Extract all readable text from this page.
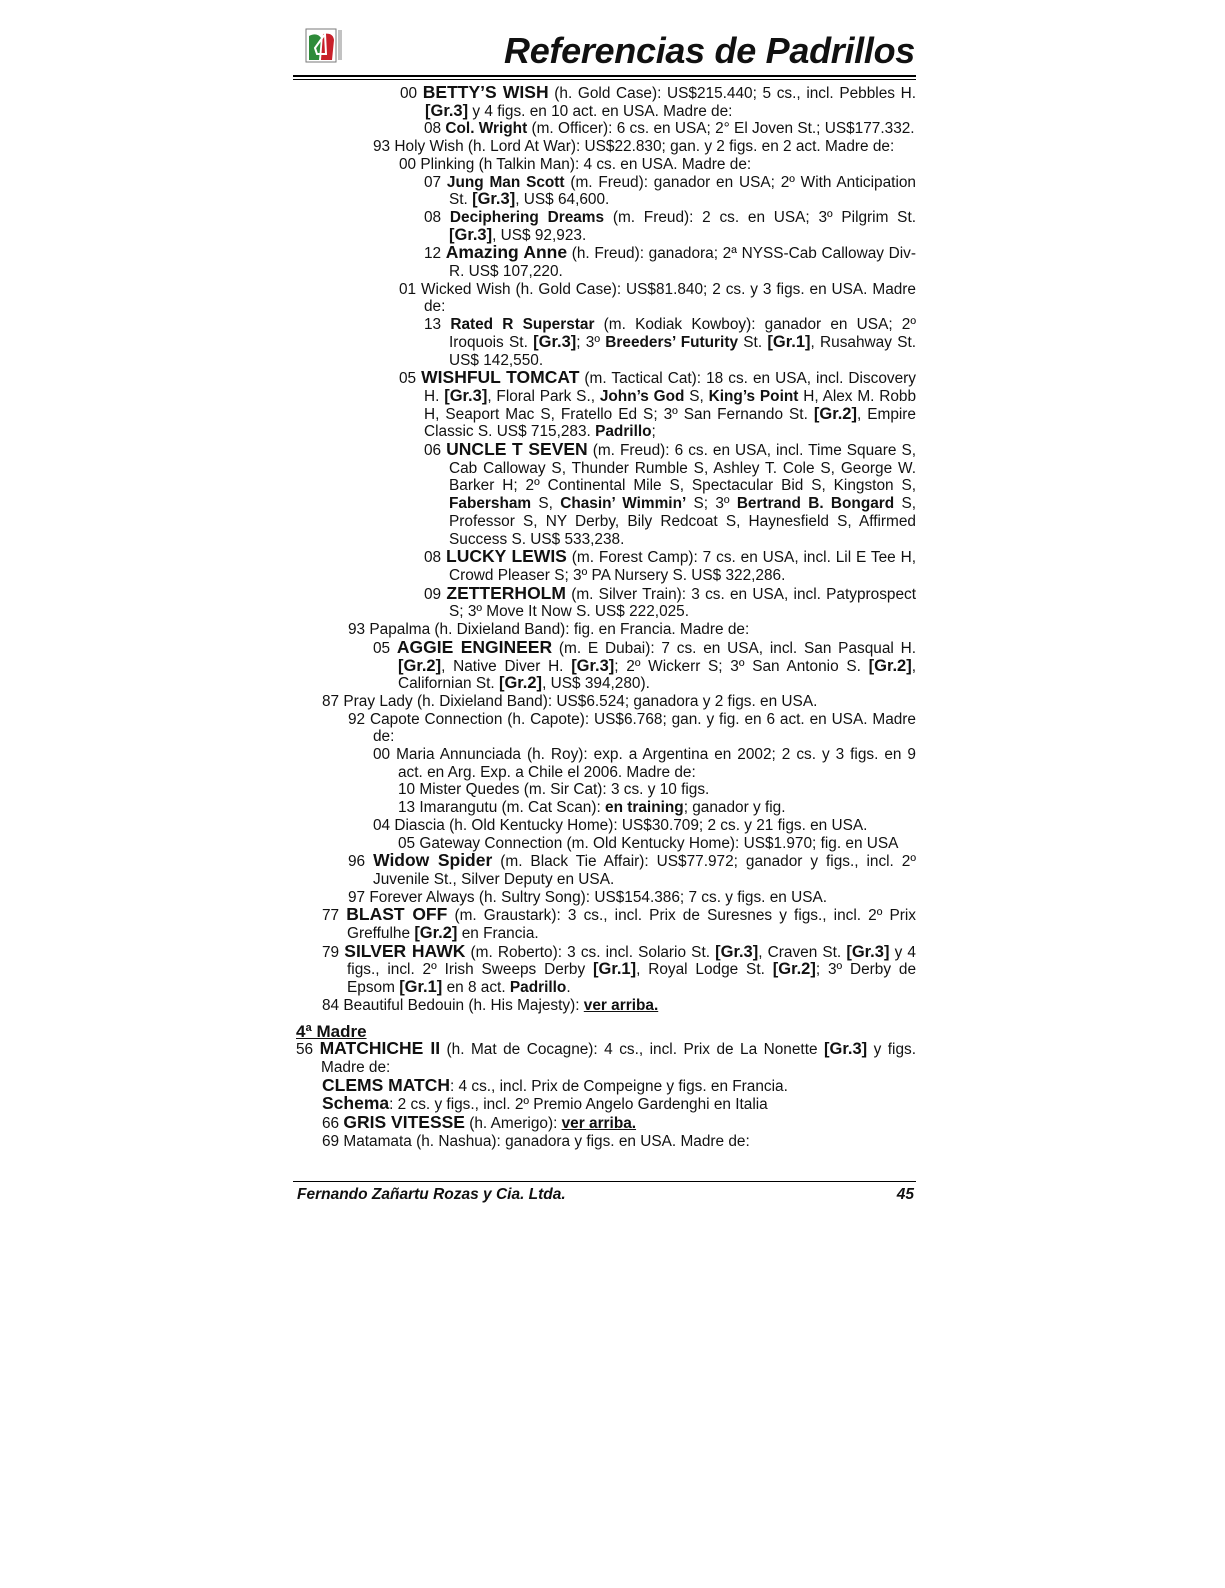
Referencias de Padrillos
00 BETTY’S WISH (h. Gold Case): US$215.440; 5 cs., incl. Pebbles H. [Gr.3] y 4 figs. en 10 act. en USA. Madre de:
08 Col. Wright (m. Officer): 6 cs. en USA; 2° El Joven St.; US$177.332.
93 Holy Wish (h. Lord At War): US$22.830; gan. y 2 figs. en 2 act. Madre de:
00 Plinking (h Talkin Man): 4 cs. en USA. Madre de:
07 Jung Man Scott (m. Freud): ganador en USA; 2º With Anticipation St. [Gr.3], US$ 64,600.
08 Deciphering Dreams (m. Freud): 2 cs. en USA; 3º Pilgrim St. [Gr.3], US$ 92,923.
12 Amazing Anne (h. Freud): ganadora; 2ª NYSS-Cab Calloway Div-R. US$ 107,220.
01 Wicked Wish (h. Gold Case): US$81.840; 2 cs. y 3 figs. en USA. Madre de:
13 Rated R Superstar (m. Kodiak Kowboy): ganador en USA; 2º Iroquois St. [Gr.3]; 3º Breeders’ Futurity St. [Gr.1], Rusahway St. US$ 142,550.
05 WISHFUL TOMCAT (m. Tactical Cat): 18 cs. en USA, incl. Discovery H. [Gr.3], Floral Park S., John’s God S, King’s Point H, Alex M. Robb H, Seaport Mac S, Fratello Ed S; 3º San Fernando St. [Gr.2], Empire Classic S. US$ 715,283. Padrillo;
06 UNCLE T SEVEN (m. Freud): 6 cs. en USA, incl. Time Square S, Cab Calloway S, Thunder Rumble S, Ashley T. Cole S, George W. Barker H; 2º Continental Mile S, Spectacular Bid S, Kingston S, Fabersham S, Chasin’ Wimmin’ S; 3º Bertrand B. Bongard S, Professor S, NY Derby, Bily Redcoat S, Haynesfield S, Affirmed Success S. US$ 533,238.
08 LUCKY LEWIS (m. Forest Camp): 7 cs. en USA, incl. Lil E Tee H, Crowd Pleaser S; 3º PA Nursery S. US$ 322,286.
09 ZETTERHOLM (m. Silver Train): 3 cs. en USA, incl. Patyprospect S; 3º Move It Now S. US$ 222,025.
93 Papalma (h. Dixieland Band): fig. en Francia. Madre de:
05 AGGIE ENGINEER (m. E Dubai): 7 cs. en USA, incl. San Pasqual H. [Gr.2], Native Diver H. [Gr.3]; 2º Wickerr S; 3º San Antonio S. [Gr.2], Californian St. [Gr.2], US$ 394,280).
87 Pray Lady (h. Dixieland Band): US$6.524; ganadora y 2 figs. en USA.
92 Capote Connection (h. Capote): US$6.768; gan. y fig. en 6 act. en USA. Madre de:
00 Maria Annunciada (h. Roy): exp. a Argentina en 2002; 2 cs. y 3 figs. en 9 act. en Arg. Exp. a Chile el 2006. Madre de:
10 Mister Quedes (m. Sir Cat): 3 cs. y 10 figs.
13 Imarangutu (m. Cat Scan): en training; ganador y fig.
04 Diascia (h. Old Kentucky Home): US$30.709; 2 cs. y 21 figs. en USA.
05 Gateway Connection (m. Old Kentucky Home): US$1.970; fig. en USA
96 Widow Spider (m. Black Tie Affair): US$77.972; ganador y figs., incl. 2º Juvenile St., Silver Deputy en USA.
97 Forever Always (h. Sultry Song): US$154.386; 7 cs. y figs. en USA.
77 BLAST OFF (m. Graustark): 3 cs., incl. Prix de Suresnes y figs., incl. 2º Prix Greffulhe [Gr.2] en Francia.
79 SILVER HAWK (m. Roberto): 3 cs. incl. Solario St. [Gr.3], Craven St. [Gr.3] y 4 figs., incl. 2º Irish Sweeps Derby [Gr.1], Royal Lodge St. [Gr.2]; 3º Derby de Epsom [Gr.1] en 8 act. Padrillo.
84 Beautiful Bedouin (h. His Majesty): ver arriba.
4ª Madre
56 MATCHICHE II (h. Mat de Cocagne): 4 cs., incl. Prix de La Nonette [Gr.3] y figs. Madre de:
CLEMS MATCH: 4 cs., incl. Prix de Compeigne y figs. en Francia.
Schema: 2 cs. y figs., incl. 2º Premio Angelo Gardenghi en Italia
66 GRIS VITESSE (h. Amerigo): ver arriba.
69 Matamata (h. Nashua): ganadora y figs. en USA. Madre de:
Fernando Zañartu Rozas y Cia. Ltda.	45
